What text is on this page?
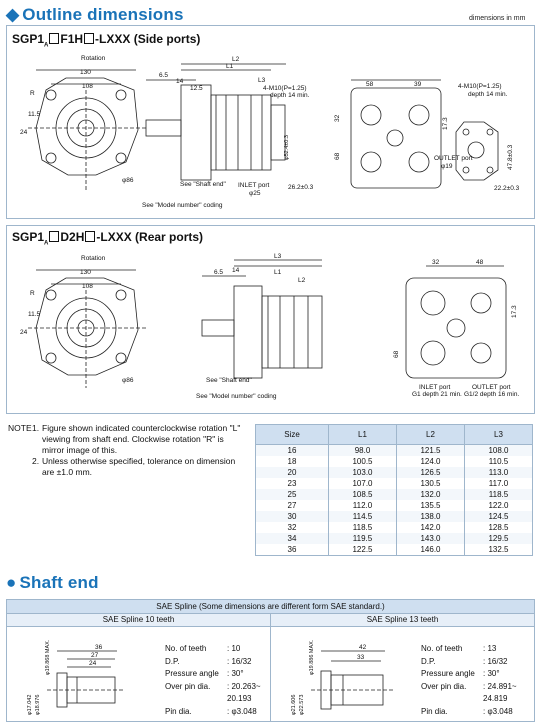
◆ Outline dimensions	dimensions in mm
$SGP1_A$ F1H -LXXX (Side ports)
Rotation
130
108
R
24
11.5
φ86
6.5
14
12.5
L2
L1
L3
4-M10(P=1.25)
depth 14 min.
φ52.4±0.3
INLET port
φ25
26.2±0.3
See "Shaft end"
See "Model number" coding
58	39
32
68
17.3
4-M10(P=1.25)
depth 14 min.
OUTLET port
φ19	47.8±0.3
22.2±0.3
$SGP1_A$ D2H -LXXX (Rear ports)
Rotation
130
108
R
24
11.5
φ86
6.5 14
L3
L1
L2
See "Shaft end"
See "Model number" coding
32	48
17.3
68
INLET port
G1 depth 21 min.
OUTLET port
G1/2 depth 16 min.
NOTE 1. Figure shown indicated counterclockwise rotation "L" viewing from shaft end. Clockwise rotation "R" is mirror image of this.
2. Unless otherwise specified, tolerance on dimension are ±1.0 mm.
Size	L1	L2	L3
16	98.0	121.5	108.0
18	100.5	124.0	110.5
20	103.0	126.5	113.0
23	107.0	130.5	117.0
25	108.5	132.0	118.5
27	112.0	135.5	122.0
30	114.5	138.0	124.5
32	118.5	142.0	128.5
34	119.5	143.0	129.5
36	122.5	146.0	132.5
● Shaft end
SAE Spline (Some dimensions are different form SAE standard.)
SAE Spline 10 teeth
36
27
24
φ19.868 MAX.
φ17.042 φ18.976
No. of teeth	: 10
D.P.	: 16/32
Pressure angle	: 30°
Over pin dia.	: 20.263~
	20.193
Pin dia.	: φ3.048
SAE Spline 13 teeth
42
33
φ19.886 MAX.
φ21.606 φ22.573
No. of teeth	: 13
D.P.	: 16/32
Pressure angle	: 30°
Over pin dia.	: 24.891~
	24.819
Pin dia.	: φ3.048
